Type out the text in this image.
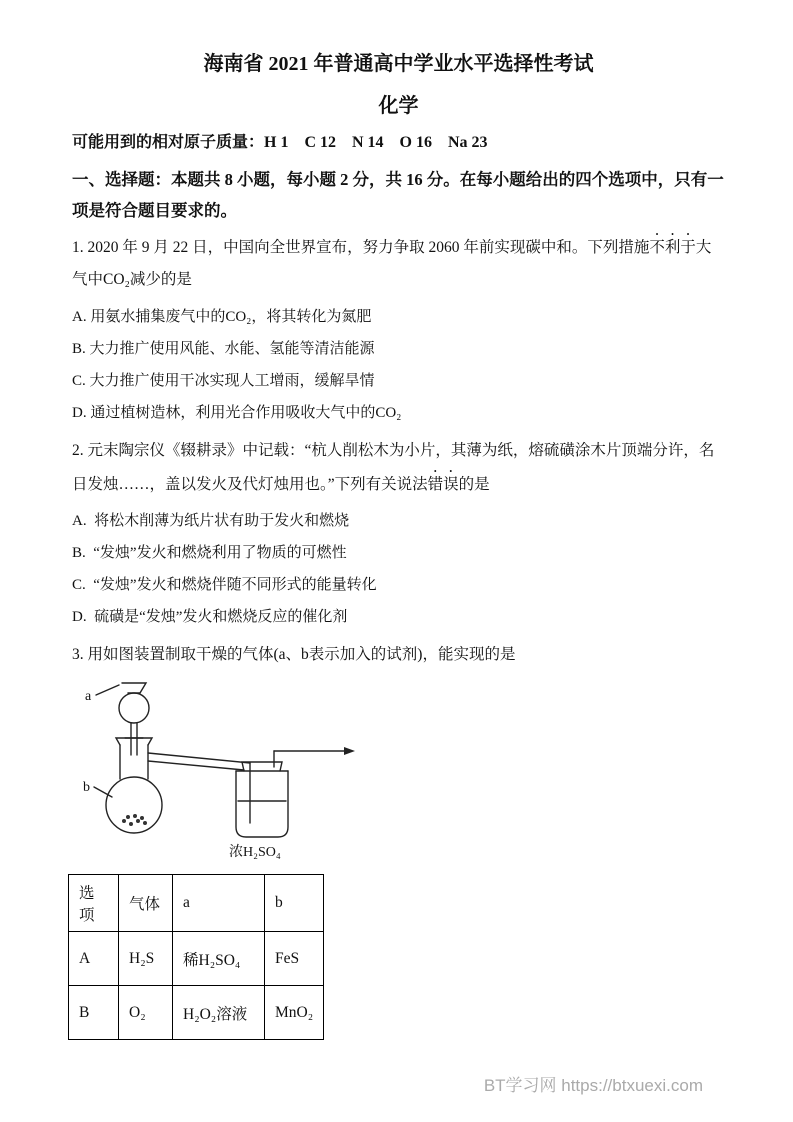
海南省 2021 年普通高中学业水平选择性考试
化学

可能用到的相对原子质量：H 1    C 12    N 14    O 16    Na 23

一、选择题：本题共 8 小题，每小题 2 分，共 16 分。在每小题给出的四个选项中，只有一项是符合题目要求的。

1. 2020 年 9 月 22 日，中国向全世界宣布，努力争取 2060 年前实现碳中和。下列措施不利于大气中CO₂减少的是

A. 用氨水捕集废气中的CO₂，将其转化为氮肥

B. 大力推广使用风能、水能、氢能等清洁能源

C. 大力推广使用干冰实现人工增雨，缓解旱情

D. 通过植树造林，利用光合作用吸收大气中的CO₂

2. 元末陶宗仪《辍耕录》中记载：“杭人削松木为小片，其薄为纸，熔硫磺涂木片顶端分许，名日发烛……，盖以发火及代灯烛用也。”下列有关说法错误的是

A.  将松木削薄为纸片状有助于发火和燃烧

B.  “发烛”发火和燃烧利用了物质的可燃性

C.  “发烛”发火和燃烧伴随不同形式的能量转化

D.  硫磺是“发烛”发火和燃烧反应的催化剂

3. 用如图装置制取干燥的气体(a、b表示加入的试剂)，能实现的是

a
b
浓H₂SO₄
选项	气体	a	b
A	H₂S	稀H₂SO₄	FeS
B	O₂	H₂O₂溶液	MnO₂
BT学习网 https://btxuexi.com
